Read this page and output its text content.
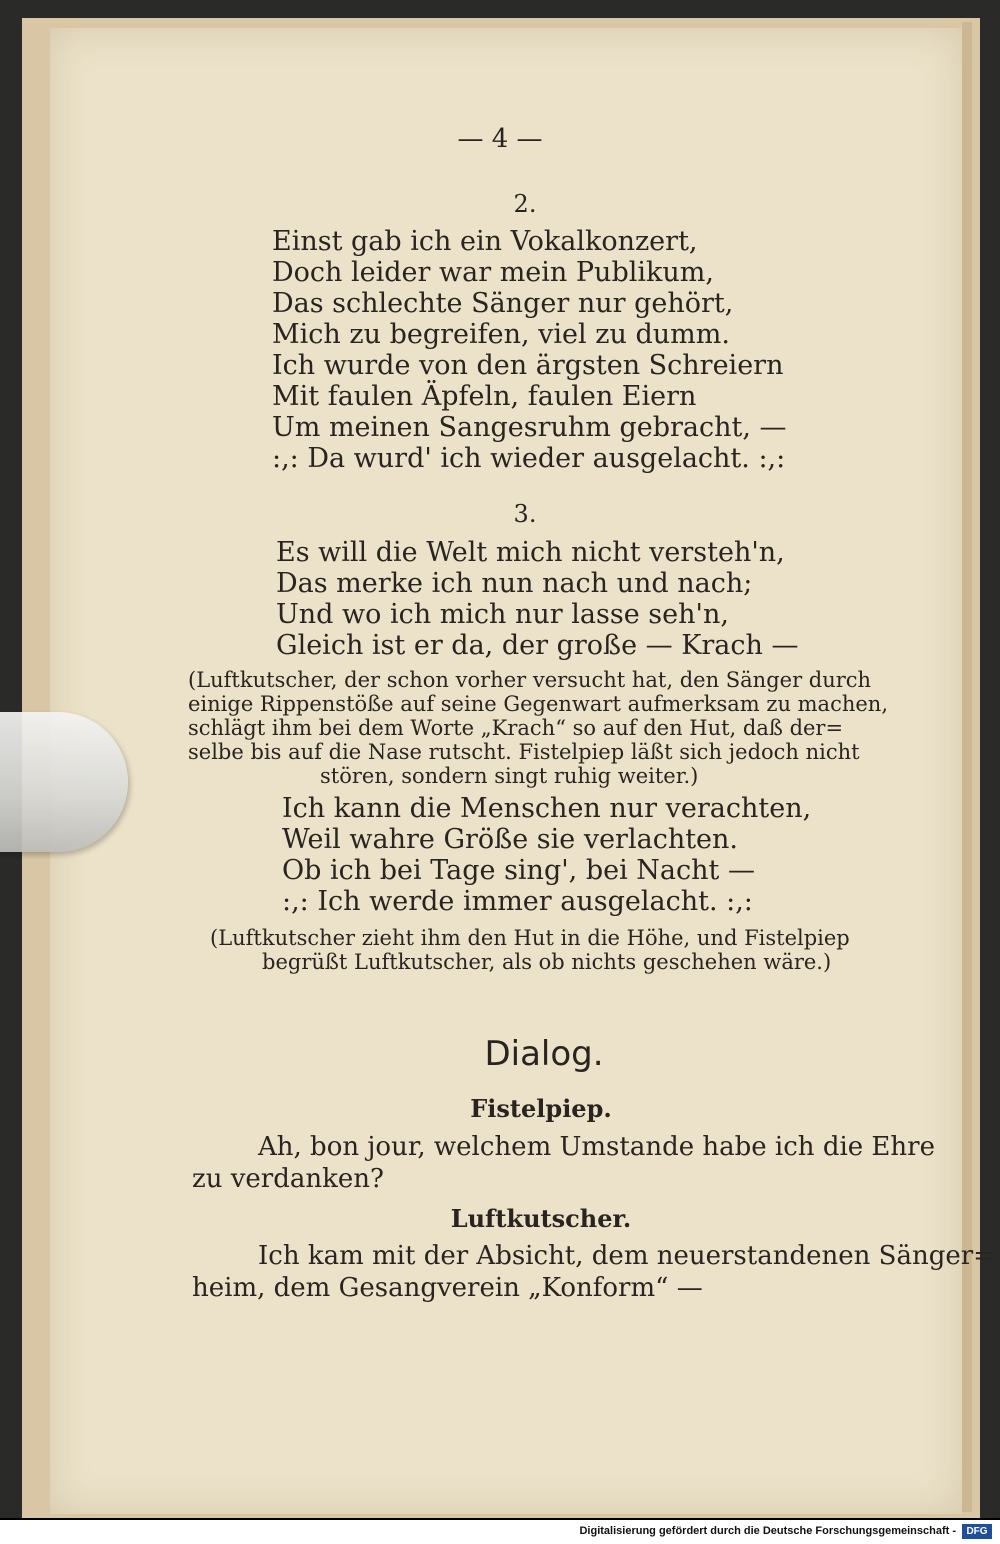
— 4 —
2.
Einst gab ich ein Vokalkonzert,
Doch leider war mein Publikum,
Das schlechte Sänger nur gehört,
Mich zu begreifen, viel zu dumm.
Ich wurde von den ärgsten Schreiern
Mit faulen Äpfeln, faulen Eiern
Um meinen Sangesruhm gebracht, —
:,: Da wurd' ich wieder ausgelacht. :,:
3.
Es will die Welt mich nicht versteh'n,
Das merke ich nun nach und nach;
Und wo ich mich nur lasse seh'n,
Gleich ist er da, der große — Krach —
(Luftkutscher, der schon vorher versucht hat, den Sänger durch
einige Rippenstöße auf seine Gegenwart aufmerksam zu machen,
schlägt ihm bei dem Worte „Krach“ so auf den Hut, daß der=
selbe bis auf die Nase rutscht. Fistelpiep läßt sich jedoch nicht
stören, sondern singt ruhig weiter.)
Ich kann die Menschen nur verachten,
Weil wahre Größe sie verlachten.
Ob ich bei Tage sing', bei Nacht —
:,: Ich werde immer ausgelacht. :,:
(Luftkutscher zieht ihm den Hut in die Höhe, und Fistelpiep
begrüßt Luftkutscher, als ob nichts geschehen wäre.)
Dialog.
Fistelpiep.
Ah, bon jour, welchem Umstande habe ich die Ehre
zu verdanken?
Luftkutscher.
Ich kam mit der Absicht, dem neuerstandenen Sänger=
heim, dem Gesangverein „Konform“ —
Digitalisierung gefördert durch die Deutsche Forschungsgemeinschaft -	DFG
